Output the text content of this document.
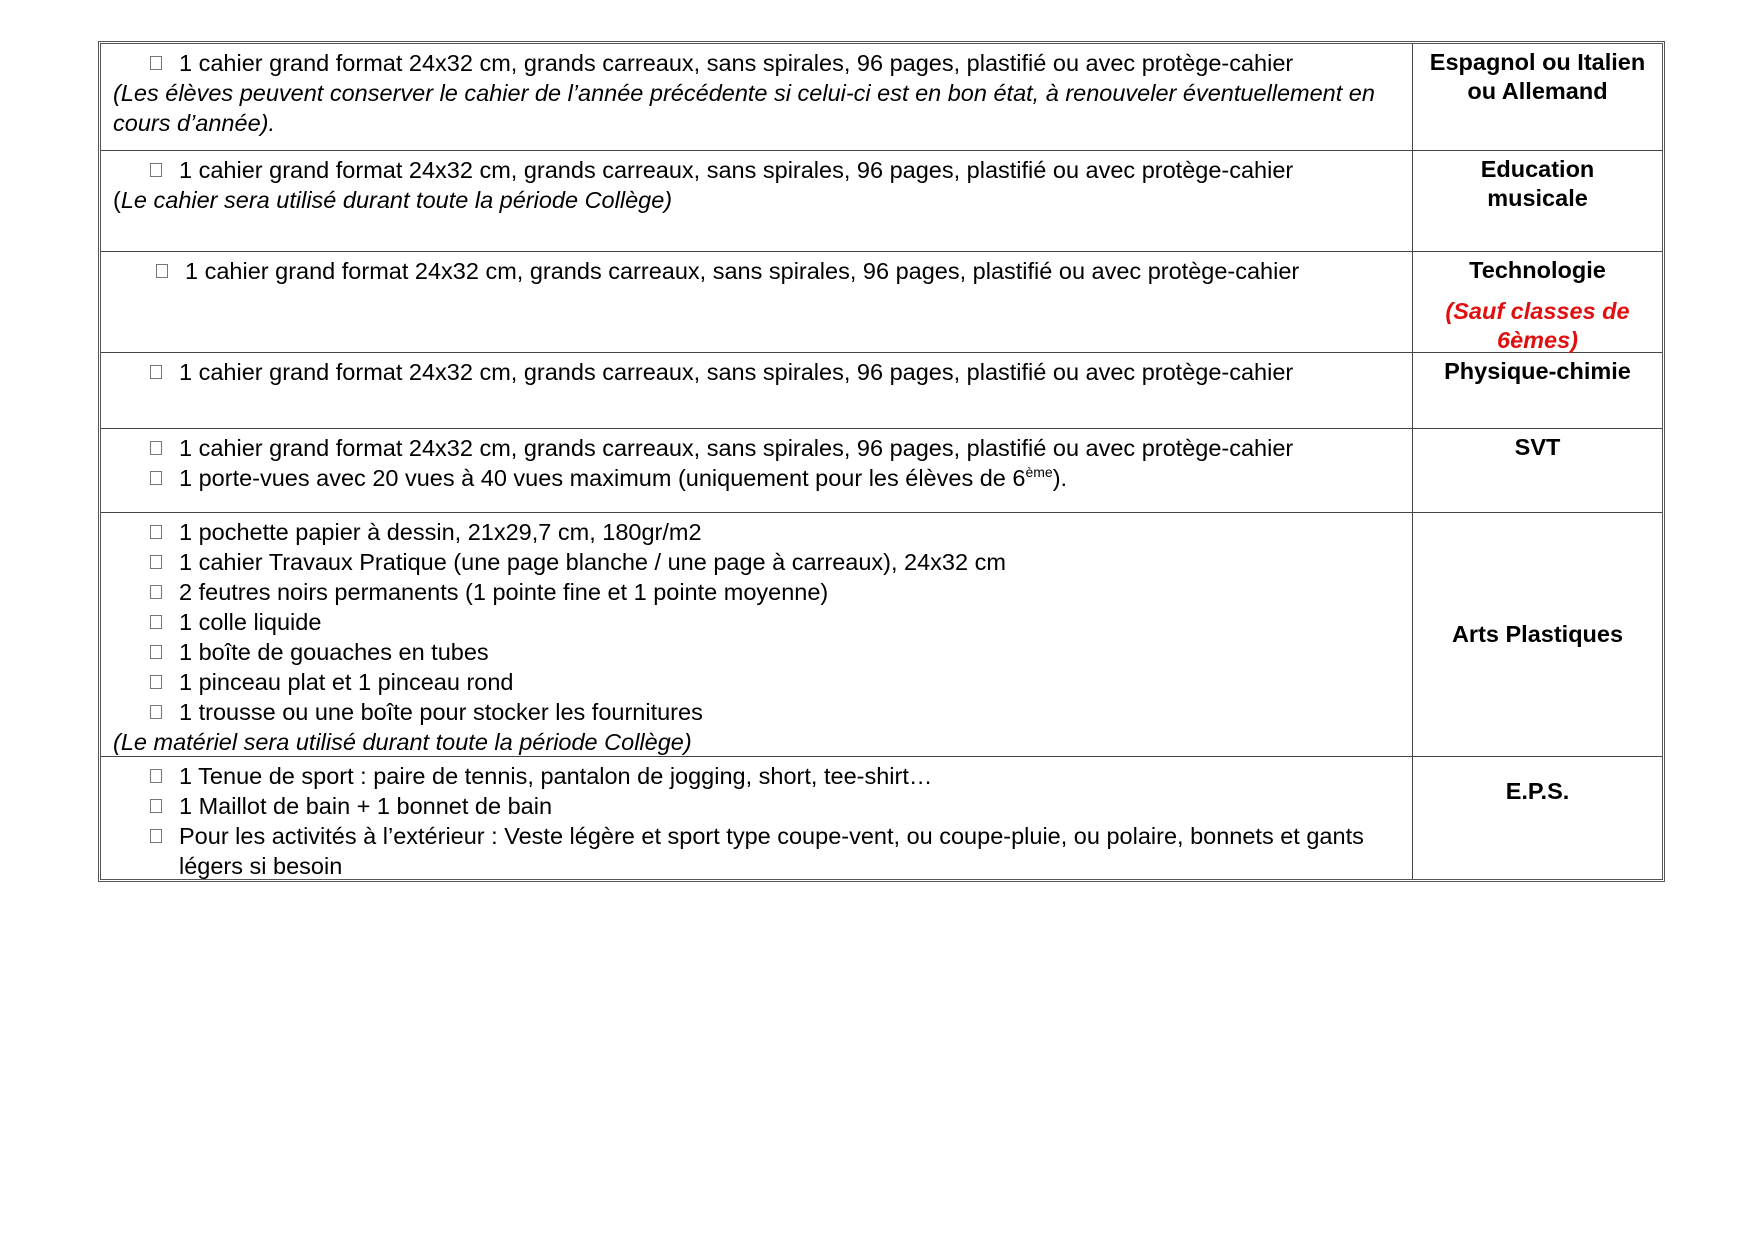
1 cahier grand format 24x32 cm, grands carreaux, sans spirales, 96 pages, plastifié ou avec protège-cahier
(Les élèves peuvent conserver le cahier de l’année précédente si celui-ci est en bon état, à renouveler éventuellement en cours d’année).
Espagnol ou Italien ou Allemand
1 cahier grand format 24x32 cm, grands carreaux, sans spirales, 96 pages, plastifié ou avec protège-cahier
(Le cahier sera utilisé durant toute la période Collège)
Education musicale
1 cahier grand format 24x32 cm, grands carreaux, sans spirales, 96 pages, plastifié ou avec protège-cahier	Technologie
(Sauf classes de 6èmes)
1 cahier grand format 24x32 cm, grands carreaux, sans spirales, 96 pages, plastifié ou avec protège-cahier	Physique-chimie
1 cahier grand format 24x32 cm, grands carreaux, sans spirales, 96 pages, plastifié ou avec protège-cahier
1 porte-vues avec 20 vues à 40 vues maximum (uniquement pour les élèves de 6ème).
SVT
1 pochette papier à dessin, 21x29,7 cm, 180gr/m2
1 cahier Travaux Pratique (une page blanche / une page à carreaux), 24x32 cm
2 feutres noirs permanents (1 pointe fine et 1 pointe moyenne)
1 colle liquide
1 boîte de gouaches en tubes
1 pinceau plat et 1 pinceau rond
1 trousse ou une boîte pour stocker les fournitures
(Le matériel sera utilisé durant toute la période Collège)
Arts Plastiques
1 Tenue de sport : paire de tennis, pantalon de jogging, short, tee-shirt…
1 Maillot de bain + 1 bonnet de bain
Pour les activités à l’extérieur : Veste légère et sport type coupe-vent, ou coupe-pluie, ou polaire, bonnets et gants légers si besoin
E.P.S.
